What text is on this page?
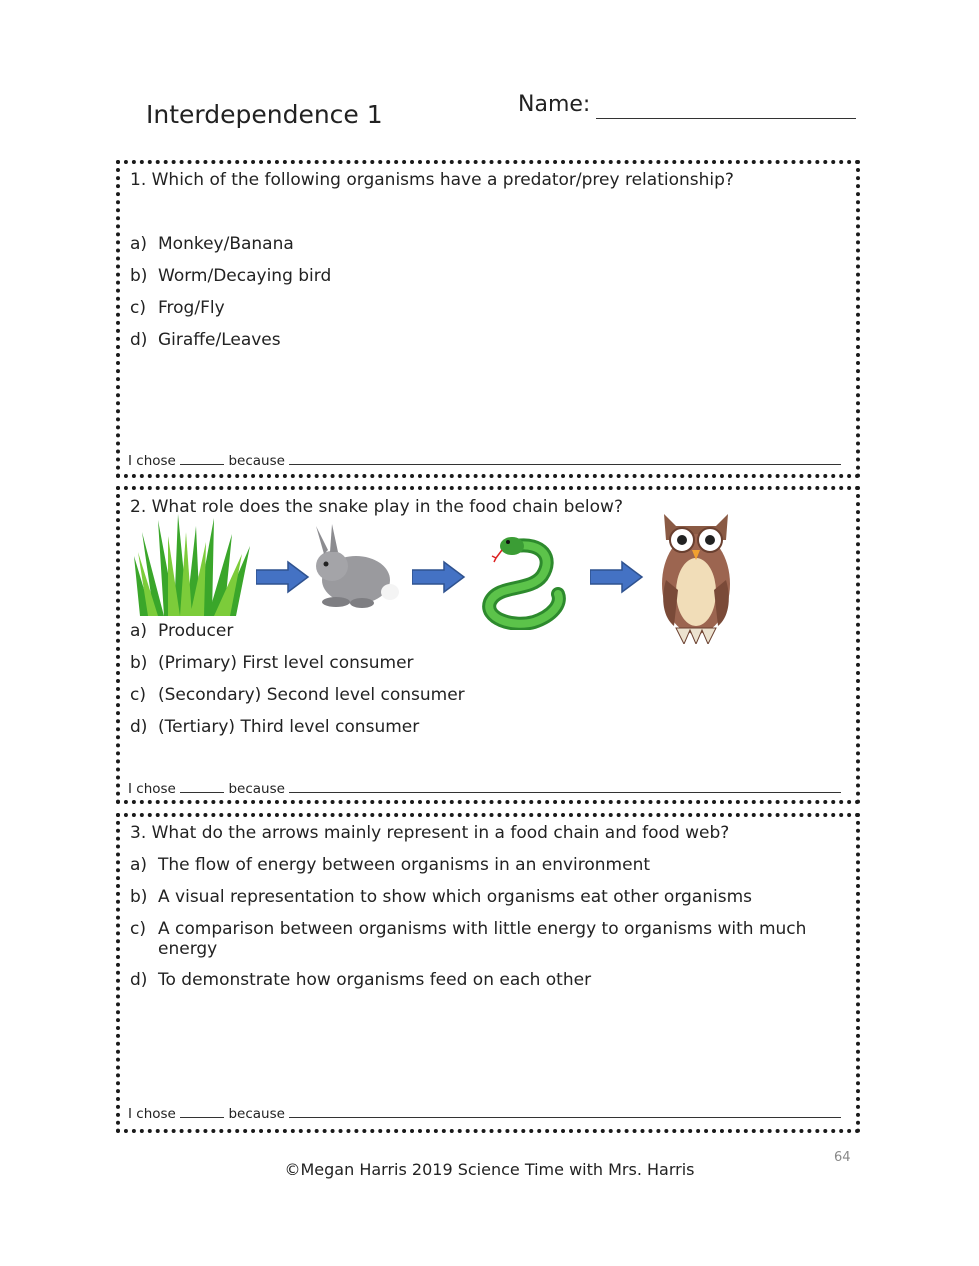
Interdependence 1	Name:
1. Which of the following organisms have a predator/prey relationship?
a) Monkey/Banana
b) Worm/Decaying bird
c) Frog/Fly
d) Giraffe/Leaves
I chose	because
2. What role does the snake play in the food chain below?
a) Producer
b) (Primary) First level consumer
c) (Secondary) Second level consumer
d) (Tertiary) Third level consumer
I chose	because
3. What do the arrows mainly represent in a food chain and food web?
a) The flow of energy between organisms in an environment
b) A visual representation to show which organisms eat other organisms
c) A comparison between organisms with little energy to organisms with much energy
d) To demonstrate how organisms feed on each other
I chose	because
64
©Megan Harris 2019 Science Time with Mrs. Harris
